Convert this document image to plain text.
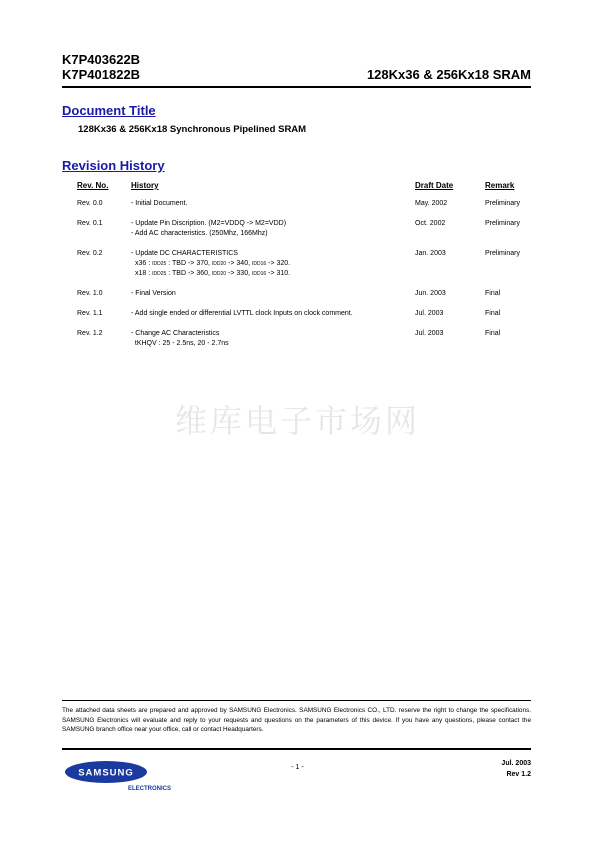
K7P403622B
K7P401822B	128Kx36 & 256Kx18 SRAM
Document Title
128Kx36 & 256Kx18 Synchronous Pipelined SRAM
Revision History
Rev. No.	History	Draft Date	Remark
Rev. 0.0	- Initial Document.	May. 2002	Preliminary
Rev. 0.1	- Update Pin Discription. (M2=VDDQ -> M2=VDD)
- Add AC characteristics. (250Mhz, 166Mhz)
Oct. 2002	Preliminary
Rev. 0.2	- Update DC CHARACTERISTICS
x36 : IDD25 : TBD -> 370, IDD20 -> 340, IDD16 -> 320.
x18 : IDD25 : TBD -> 360, IDD20 -> 330, IDD16 -> 310.
Jan. 2003	Preliminary
Rev. 1.0	- Final Version	Jun. 2003	Final
Rev. 1.1	- Add single ended or differential LVTTL clock Inputs on clock comment.	Jul. 2003	Final
Rev. 1.2	- Change AC Characteristics
tKHQV : 25 - 2.5ns, 20 - 2.7ns
Jul. 2003	Final
维库电子市场网
The attached data sheets are prepared and approved by SAMSUNG Electronics. SAMSUNG Electronics CO., LTD. reserve the right to change the specifications. SAMSUNG Electronics will evaluate and reply to your requests and questions on the parameters of this device. If you have any questions, please contact the SAMSUNG branch office near your office, call or contact Headquarters.
SAMSUNG
ELECTRONICS
- 1 -
Jul. 2003
Rev 1.2
